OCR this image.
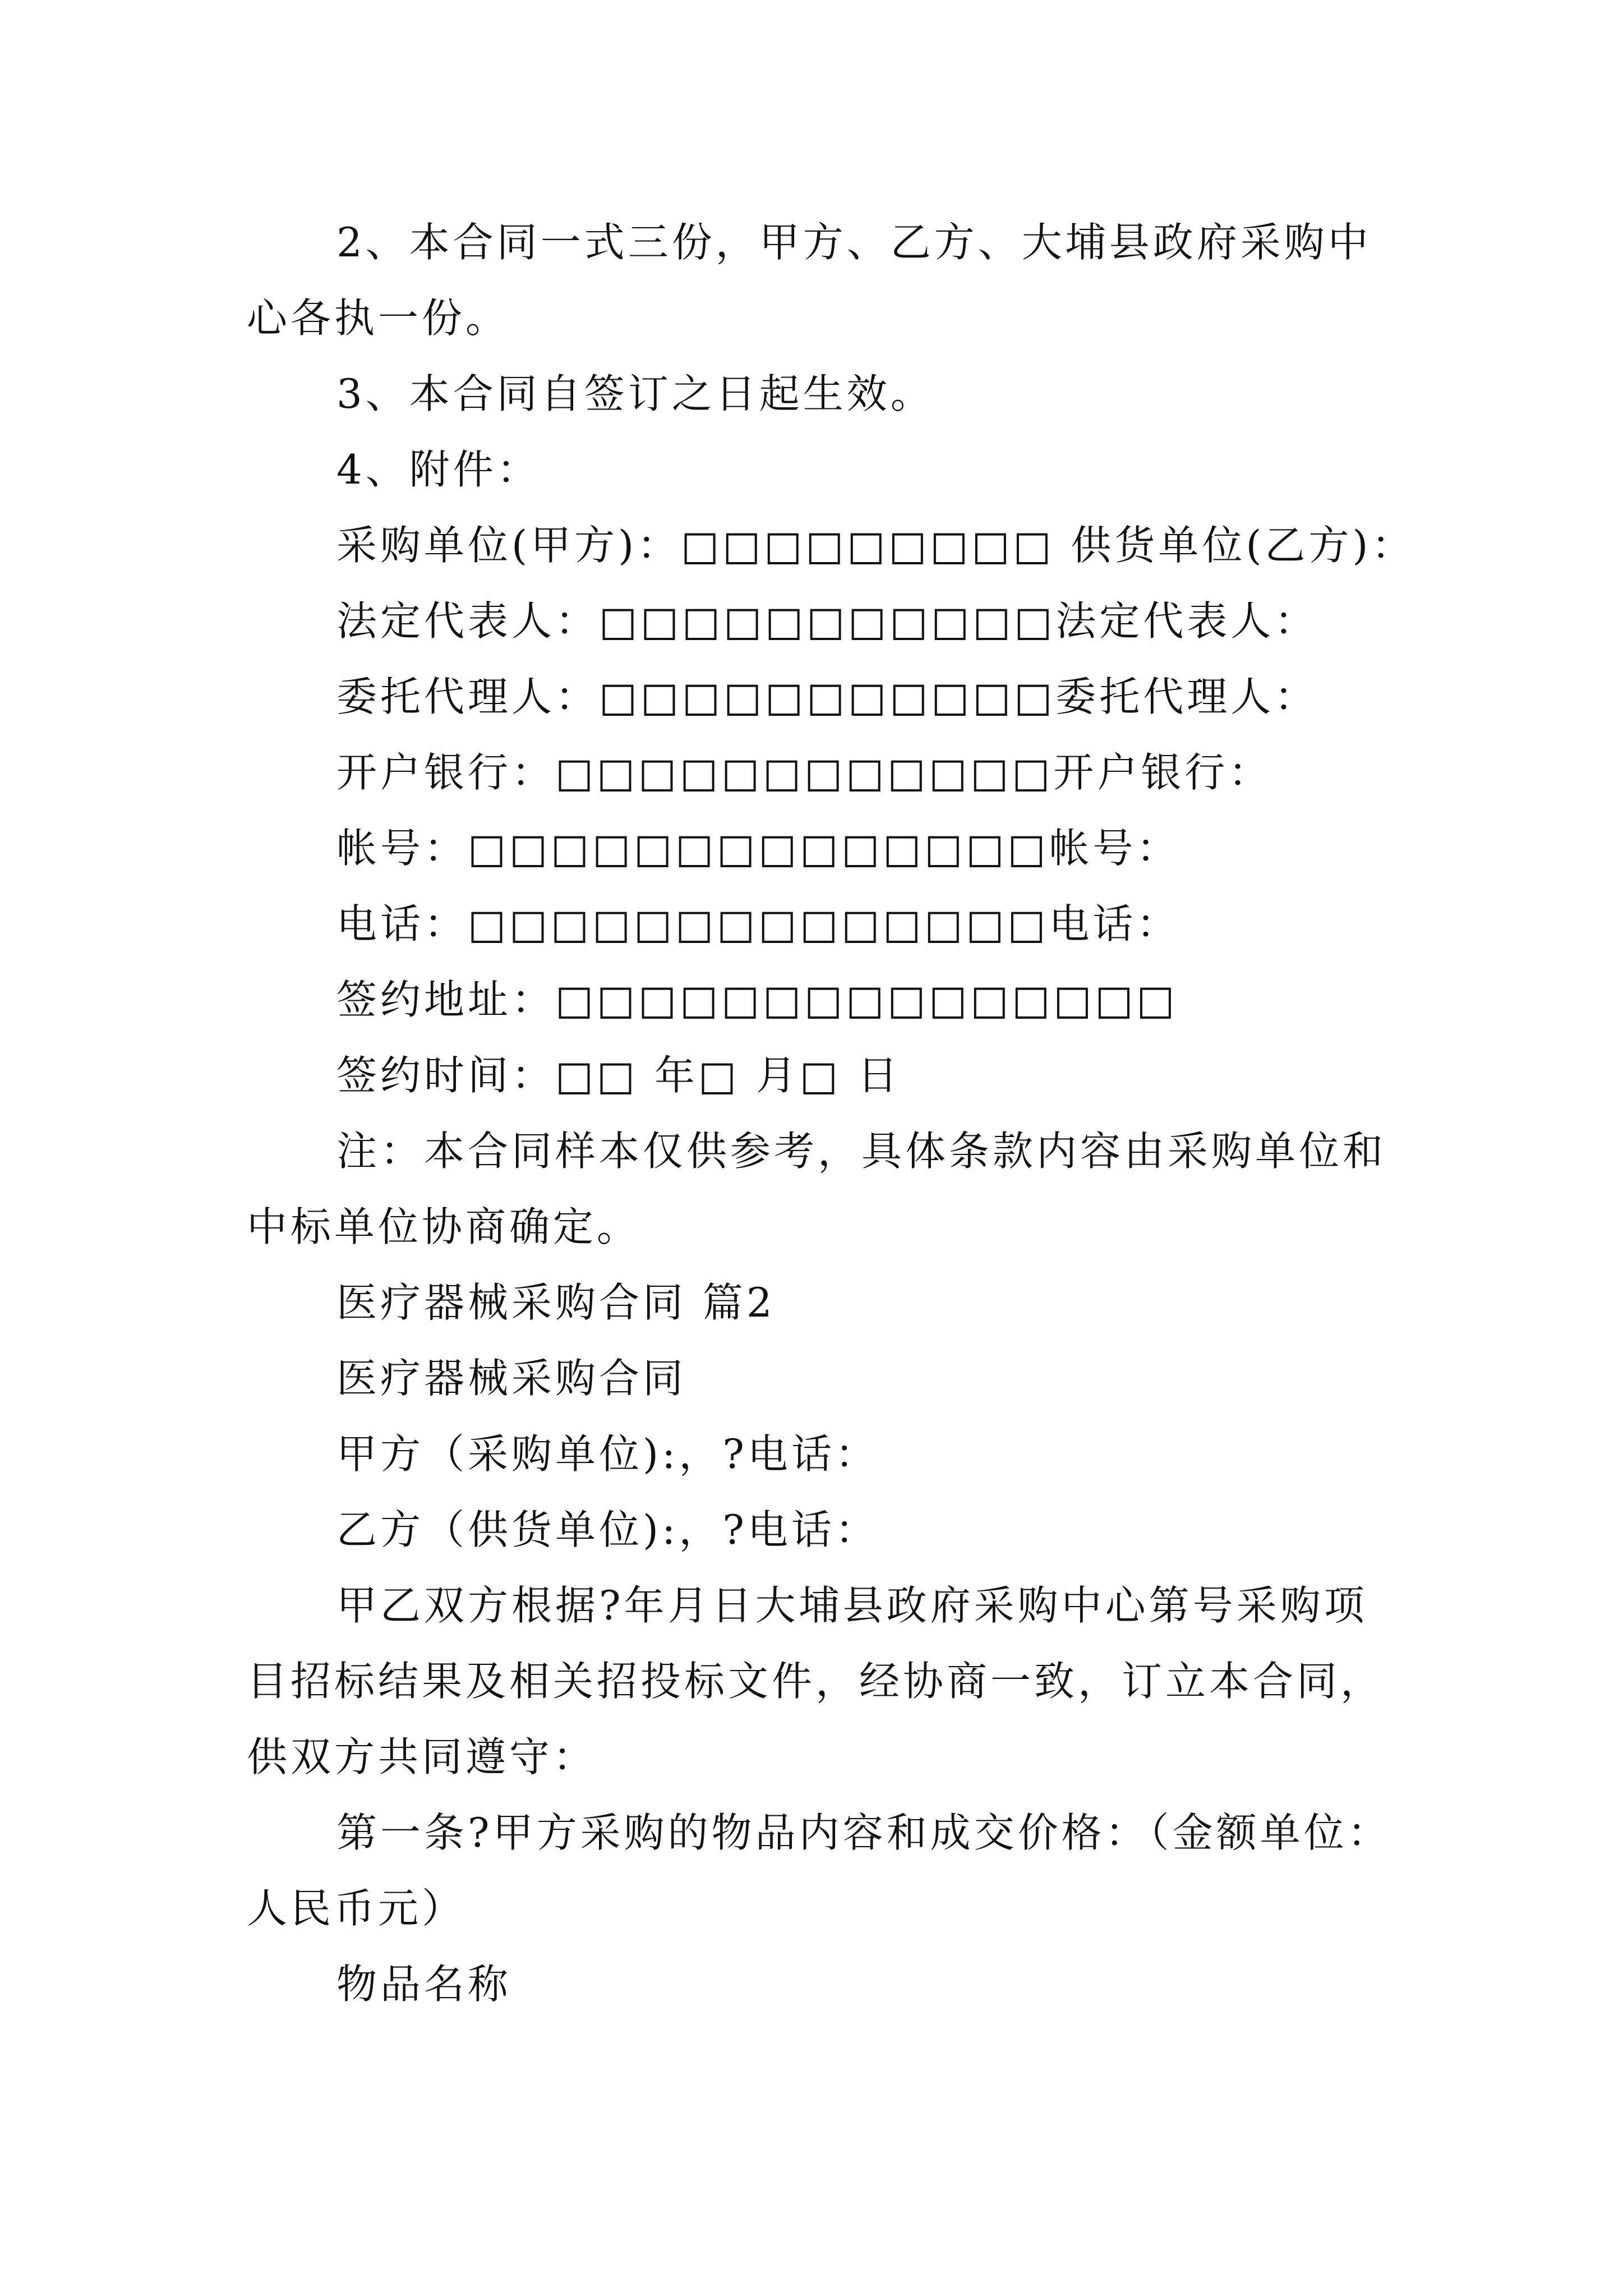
2、本合同一式三份，甲方、乙方、大埔县政府采购中
心各执一份。
3、本合同自签订之日起生效。
4、附件：
采购单位(甲方)：□□□□□□□□□ 供货单位(乙方)：
法定代表人：□□□□□□□□□□□法定代表人：
委托代理人：□□□□□□□□□□□委托代理人：
开户银行：□□□□□□□□□□□□开户银行：
帐号：□□□□□□□□□□□□□□帐号：
电话：□□□□□□□□□□□□□□电话：
签约地址：□□□□□□□□□□□□□□□
签约时间：□□ 年□ 月□ 日
注：本合同样本仅供参考，具体条款内容由采购单位和
中标单位协商确定。
医疗器械采购合同 篇2
医疗器械采购合同
甲方（采购单位):，?电话：
乙方（供货单位):，?电话：
甲乙双方根据?年月日大埔县政府采购中心第号采购项
目招标结果及相关招投标文件，经协商一致，订立本合同，
供双方共同遵守：
第一条?甲方采购的物品内容和成交价格：（金额单位：
人民币元）
物品名称
